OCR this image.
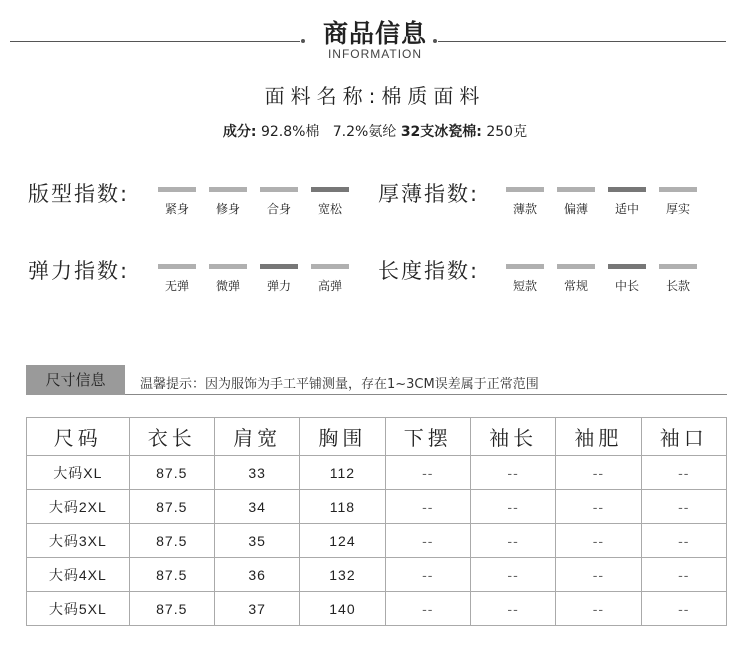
商品信息
INFORMATION
面料名称:棉质面料
成分: 92.8%棉   7.2%氨纶 32支冰瓷棉: 250克
版型指数:
紧身	修身	合身	宽松
厚薄指数:
薄款	偏薄	适中	厚实
弹力指数:
无弹	微弹	弹力	高弹
长度指数:
短款	常规	中长	长款
尺寸信息	温馨提示：因为服饰为手工平铺测量，存在1~3CM误差属于正常范围
尺码	衣长	肩宽	胸围	下摆	袖长	袖肥	袖口
大码XL	87.5	33	112	--	--	--	--
大码2XL	87.5	34	118	--	--	--	--
大码3XL	87.5	35	124	--	--	--	--
大码4XL	87.5	36	132	--	--	--	--
大码5XL	87.5	37	140	--	--	--	--
